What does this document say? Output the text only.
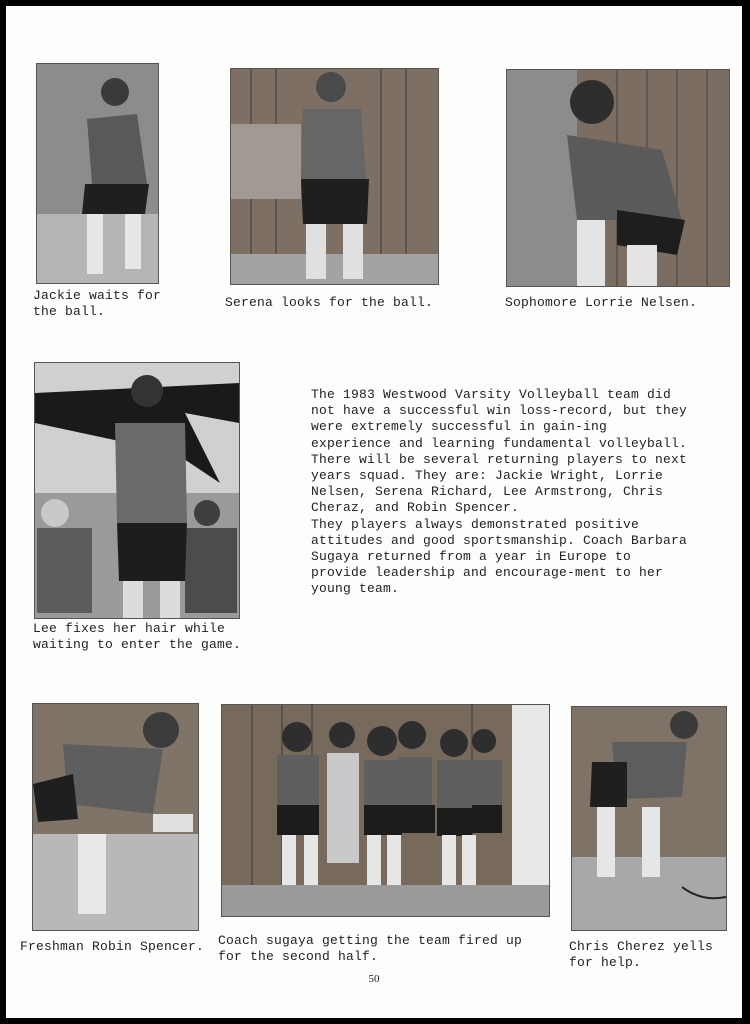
Jackie waits for
the ball.
Serena looks for the ball.	Sophomore Lorrie Nelsen.
Lee fixes her hair while
waiting to enter the game.

The 1983 Westwood Varsity Volleyball team did not have a successful win loss-record, but they were extremely successful in gain-ing experience and learning fundamental volleyball.

There will be several returning players to next years squad. They are: Jackie Wright, Lorrie Nelsen, Serena Richard, Lee Armstrong, Chris Cheraz, and Robin Spencer.

They players always demonstrated positive attitudes and good sportsmanship. Coach Barbara Sugaya returned from a year in Europe to provide leadership and encourage-ment to her young team.

Freshman Robin Spencer.	Coach sugaya getting the team fired up
for the second half.
Chris Cherez yells
for help.
50
